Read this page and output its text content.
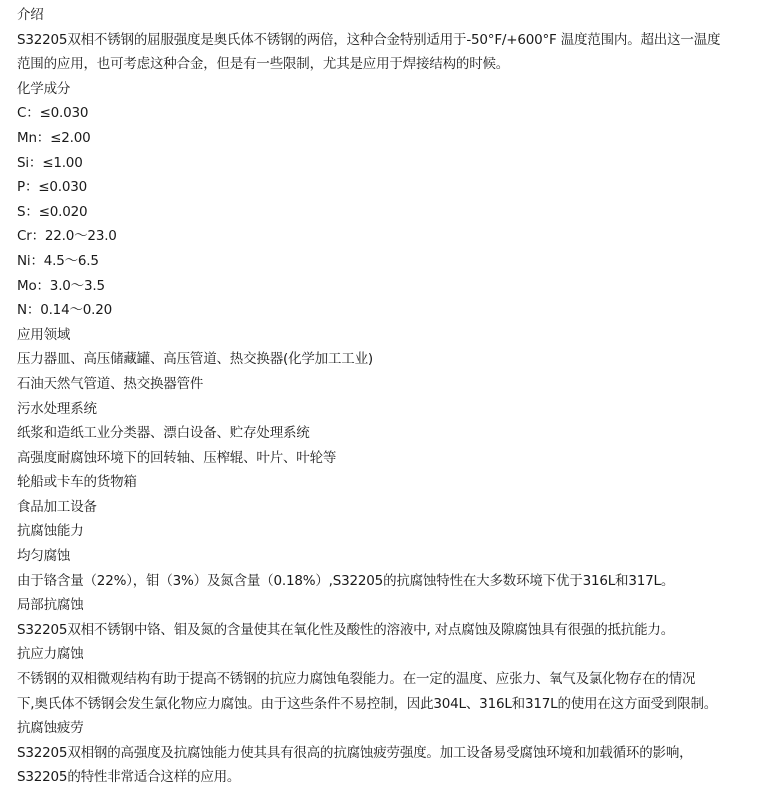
介绍
S32205双相不锈钢的屈服强度是奥氏体不锈钢的两倍，这种合金特别适用于-50°F/+600°F 温度范围内。超出这一温度
范围的应用，也可考虑这种合金，但是有一些限制，尤其是应用于焊接结构的时候。
化学成分
C：≤0.030
Mn：≤2.00
Si：≤1.00
P：≤0.030
S：≤0.020
Cr：22.0～23.0
Ni：4.5～6.5
Mo：3.0～3.5
N：0.14～0.20
应用领域
压力器皿、高压储藏罐、高压管道、热交换器(化学加工工业)
石油天然气管道、热交换器管件
污水处理系统
纸浆和造纸工业分类器、漂白设备、贮存处理系统
高强度耐腐蚀环境下的回转轴、压榨辊、叶片、叶轮等
轮船或卡车的货物箱
食品加工设备
抗腐蚀能力
均匀腐蚀
由于铬含量（22%），钼（3%）及氮含量（0.18%）,S32205的抗腐蚀特性在大多数环境下优于316L和317L。
局部抗腐蚀
S32205双相不锈钢中铬、钼及氮的含量使其在氧化性及酸性的溶液中, 对点腐蚀及隙腐蚀具有很强的抵抗能力。
抗应力腐蚀
不锈钢的双相微观结构有助于提高不锈钢的抗应力腐蚀龟裂能力。在一定的温度、应张力、氧气及氯化物存在的情况
下,奥氏体不锈钢会发生氯化物应力腐蚀。由于这些条件不易控制，因此304L、316L和317L的使用在这方面受到限制。
抗腐蚀疲劳
S32205双相钢的高强度及抗腐蚀能力使其具有很高的抗腐蚀疲劳强度。加工设备易受腐蚀环境和加载循环的影响，
S32205的特性非常适合这样的应用。
